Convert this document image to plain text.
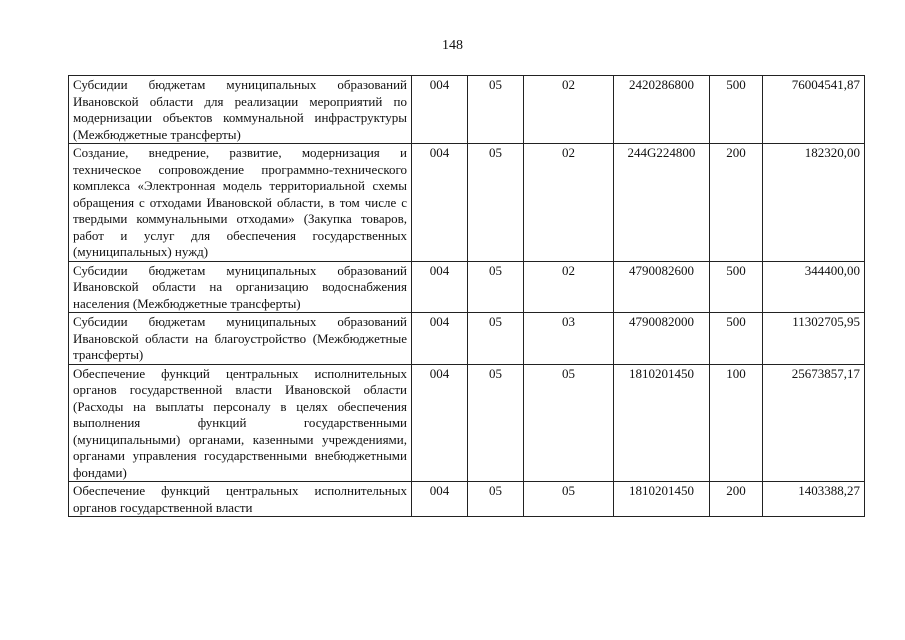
148
Субсидии бюджетам муниципальных образований Ивановской области для реализации мероприятий по модернизации объектов коммунальной инфраструктуры (Межбюджетные трансферты)	004	05	02	2420286800	500	76004541,87
Создание, внедрение, развитие, модернизация и техническое сопровождение программно-технического комплекса «Электронная модель территориальной схемы обращения с отходами Ивановской области, в том числе с твердыми коммунальными отходами» (Закупка товаров, работ и услуг для обеспечения государственных (муниципальных) нужд)	004	05	02	244G224800	200	182320,00
Субсидии бюджетам муниципальных образований Ивановской области на организацию водоснабжения населения (Межбюджетные трансферты)	004	05	02	4790082600	500	344400,00
Субсидии бюджетам муниципальных образований Ивановской области на благоустройство (Межбюджетные трансферты)	004	05	03	4790082000	500	11302705,95
Обеспечение функций центральных исполнительных органов государственной власти Ивановской области (Расходы на выплаты персоналу в целях обеспечения выполнения функций государственными (муниципальными) органами, казенными учреждениями, органами управления государственными внебюджетными фондами)	004	05	05	1810201450	100	25673857,17
Обеспечение функций центральных исполнительных органов государственной власти	004	05	05	1810201450	200	1403388,27
